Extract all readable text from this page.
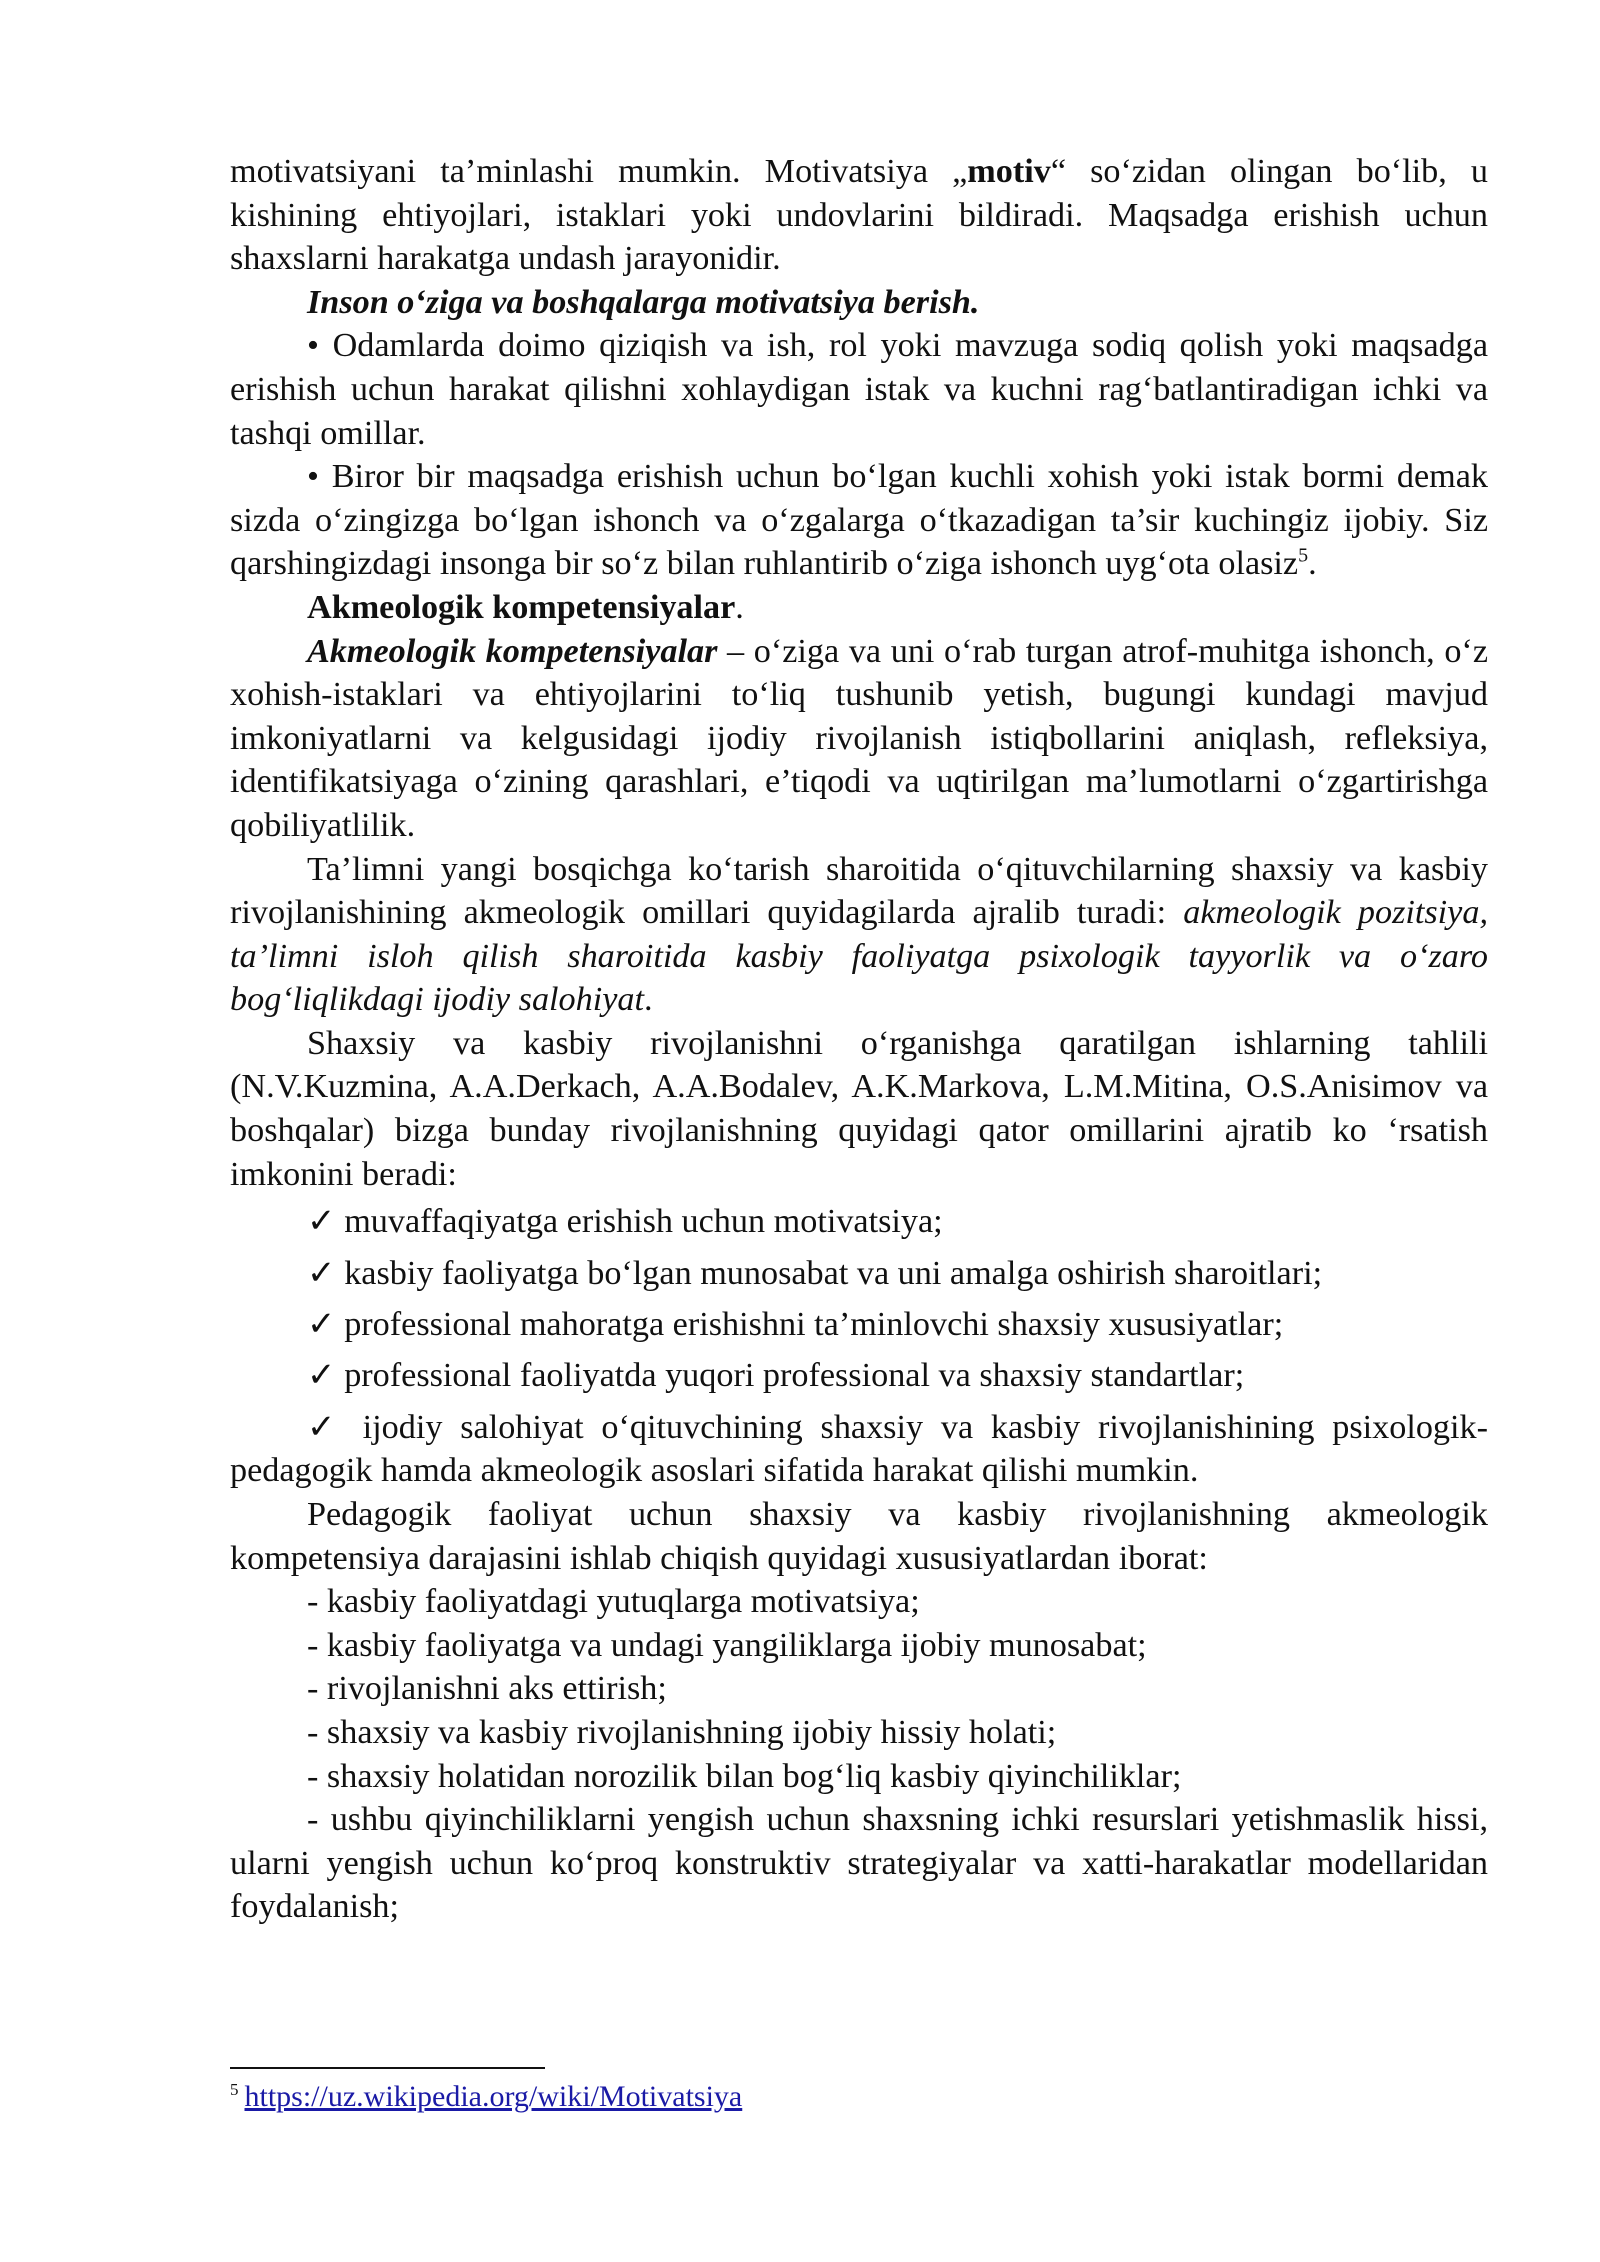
motivatsiyani ta’minlashi mumkin. Motivatsiya „motiv“ so‘zidan olingan bo‘lib, u kishining ehtiyojlari, istaklari yoki undovlarini bildiradi. Maqsadga erishish uchun shaxslarni harakatga undash jarayonidir.

Inson o‘ziga va boshqalarga motivatsiya berish.

• Odamlarda doimo qiziqish va ish, rol yoki mavzuga sodiq qolish yoki maqsadga erishish uchun harakat qilishni xohlaydigan istak va kuchni rag‘batlantiradigan ichki va tashqi omillar.

• Biror bir maqsadga erishish uchun bo‘lgan kuchli xohish yoki istak bormi demak sizda o‘zingizga bo‘lgan ishonch va o‘zgalarga o‘tkazadigan ta’sir kuchingiz ijobiy. Siz qarshingizdagi insonga bir so‘z bilan ruhlantirib o‘ziga ishonch uyg‘ota olasiz$^5$.

Akmeologik kompetensiyalar.

Akmeologik kompetensiyalar – o‘ziga va uni o‘rab turgan atrof-muhitga ishonch, o‘z xohish-istaklari va ehtiyojlarini to‘liq tushunib yetish, bugungi kundagi mavjud imkoniyatlarni va kelgusidagi ijodiy rivojlanish istiqbollarini aniqlash, refleksiya, identifikatsiyaga o‘zining qarashlari, e’tiqodi va uqtirilgan ma’lumotlarni o‘zgartirishga qobiliyatlilik.

Ta’limni yangi bosqichga ko‘tarish sharoitida o‘qituvchilarning shaxsiy va kasbiy rivojlanishining akmeologik omillari quyidagilarda ajralib turadi: akmeologik pozitsiya, ta’limni isloh qilish sharoitida kasbiy faoliyatga psixologik tayyorlik va o‘zaro bog‘liqlikdagi ijodiy salohiyat.

Shaxsiy va kasbiy rivojlanishni o‘rganishga qaratilgan ishlarning tahlili (N.V.Kuzmina, A.A.Derkach, A.A.Bodalev, A.K.Markova, L.M.Mitina, O.S.Anisimov va boshqalar) bizga bunday rivojlanishning quyidagi qator omillarini ajratib ko ‘rsatish imkonini beradi:

✓ muvaffaqiyatga erishish uchun motivatsiya;

✓ kasbiy faoliyatga bo‘lgan munosabat va uni amalga oshirish sharoitlari;

✓ professional mahoratga erishishni ta’minlovchi shaxsiy xususiyatlar;

✓ professional faoliyatda yuqori professional va shaxsiy standartlar;

✓ ijodiy salohiyat o‘qituvchining shaxsiy va kasbiy rivojlanishining psixologik-pedagogik hamda akmeologik asoslari sifatida harakat qilishi mumkin.

Pedagogik faoliyat uchun shaxsiy va kasbiy rivojlanishning akmeologik kompetensiya darajasini ishlab chiqish quyidagi xususiyatlardan iborat:

- kasbiy faoliyatdagi yutuqlarga motivatsiya;

- kasbiy faoliyatga va undagi yangiliklarga ijobiy munosabat;

- rivojlanishni aks ettirish;

- shaxsiy va kasbiy rivojlanishning ijobiy hissiy holati;

- shaxsiy holatidan norozilik bilan bog‘liq kasbiy qiyinchiliklar;

- ushbu qiyinchiliklarni yengish uchun shaxsning ichki resurslari yetishmaslik hissi, ularni yengish uchun ko‘proq konstruktiv strategiyalar va xatti-harakatlar modellaridan foydalanish;

$^5$ https://uz.wikipedia.org/wiki/Motivatsiya
